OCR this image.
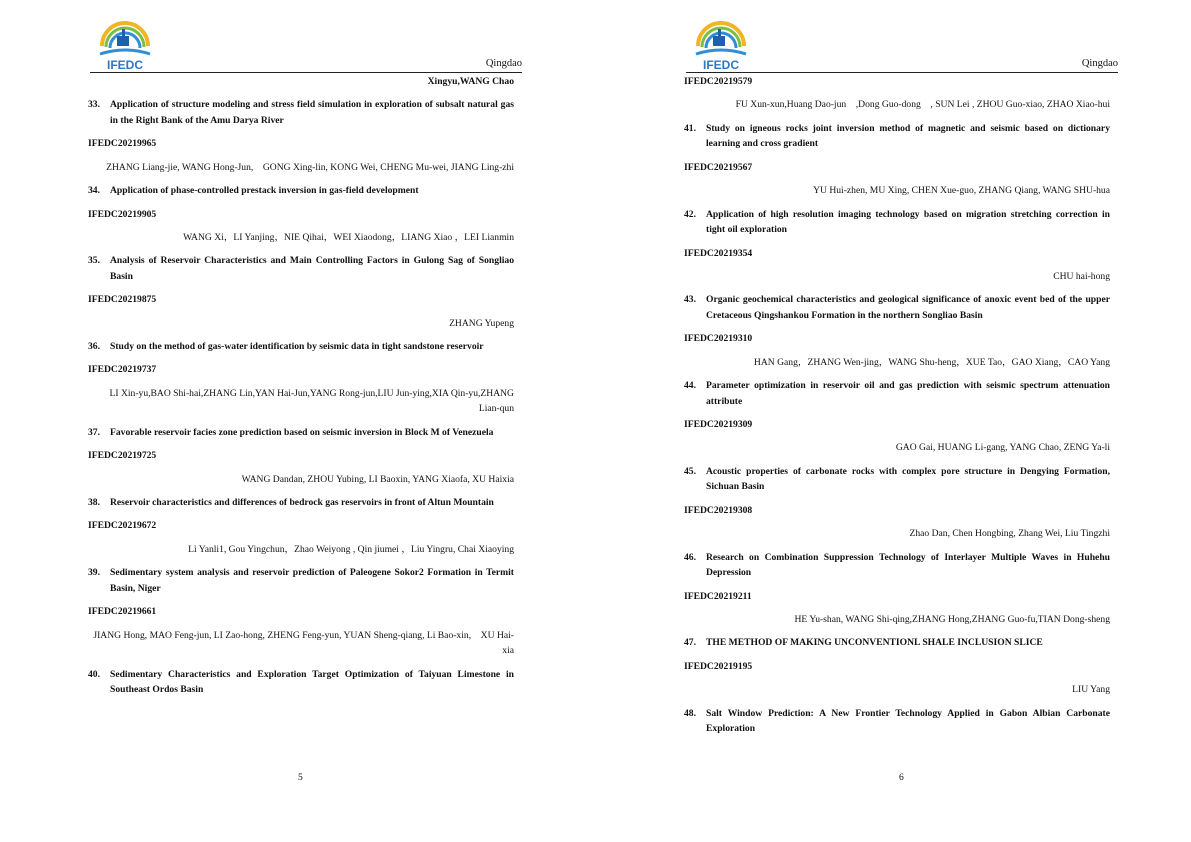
IFEDC	Qingdao

Xingyu,WANG Chao

33.	Application of structure modeling and stress field simulation in exploration of subsalt natural gas in the Right Bank of the Amu Darya River

IFEDC20219965

ZHANG Liang-jie, WANG Hong-Jun,    GONG Xing-lin, KONG Wei, CHENG Mu-wei, JIANG Ling-zhi

34.	Application of phase-controlled prestack inversion in gas-field development

IFEDC20219905

WANG Xi，LI Yanjing，NIE Qihai，WEI Xiaodong，LIANG Xiao ，LEI Lianmin

35.	Analysis of Reservoir Characteristics and Main Controlling Factors in Gulong Sag of Songliao Basin

IFEDC20219875

ZHANG Yupeng

36.	Study on the method of gas-water identification by seismic data in tight sandstone reservoir

IFEDC20219737

LI Xin-yu,BAO Shi-hai,ZHANG Lin,YAN Hai-Jun,YANG Rong-jun,LIU Jun-ying,XIA Qin-yu,ZHANG Lian-qun

37.	Favorable reservoir facies zone prediction based on seismic inversion in Block M of Venezuela

IFEDC20219725

WANG Dandan, ZHOU Yubing, LI Baoxin, YANG Xiaofa, XU Haixia

38.	Reservoir characteristics and differences of bedrock gas reservoirs in front of Altun Mountain

IFEDC20219672

Li Yanli1, Gou Yingchun，Zhao Weiyong , Qin jiumei ，Liu Yingru, Chai Xiaoying

39.	Sedimentary system analysis and reservoir prediction of Paleogene Sokor2 Formation in Termit Basin, Niger

IFEDC20219661

JIANG Hong, MAO Feng-jun, LI Zao-hong, ZHENG Feng-yun, YUAN Sheng-qiang, Li Bao-xin,    XU Hai-xia

40.	Sedimentary Characteristics and Exploration Target Optimization of Taiyuan Limestone in Southeast Ordos Basin

5
IFEDC	Qingdao

IFEDC20219579

FU Xun-xun,Huang Dao-jun    ,Dong Guo-dong    , SUN Lei , ZHOU Guo-xiao, ZHAO Xiao-hui

41.	Study on igneous rocks joint inversion method of magnetic and seismic based on dictionary learning and cross gradient

IFEDC20219567

YU Hui-zhen, MU Xing, CHEN Xue-guo, ZHANG Qiang, WANG SHU-hua

42.	Application of high resolution imaging technology based on migration stretching correction in tight oil exploration

IFEDC20219354

CHU hai-hong

43.	Organic geochemical characteristics and geological significance of anoxic event bed of the upper Cretaceous Qingshankou Formation in the northern Songliao Basin

IFEDC20219310

HAN Gang，ZHANG Wen-jing，WANG Shu-heng，XUE Tao，GAO Xiang，CAO Yang

44.	Parameter optimization in reservoir oil and gas prediction with seismic spectrum attenuation attribute

IFEDC20219309

GAO Gai, HUANG Li-gang, YANG Chao, ZENG Ya-li

45.	Acoustic properties of carbonate rocks with complex pore structure in Dengying Formation, Sichuan Basin

IFEDC20219308

Zhao Dan, Chen Hongbing, Zhang Wei, Liu Tingzhi

46.	Research on Combination Suppression Technology of Interlayer Multiple Waves in Huhehu Depression

IFEDC20219211

HE Yu-shan, WANG Shi-qing,ZHANG Hong,ZHANG Guo-fu,TIAN Dong-sheng

47.	THE METHOD OF MAKING UNCONVENTIONL SHALE INCLUSION SLICE

IFEDC20219195

LIU Yang

48.	Salt Window Prediction: A New Frontier Technology Applied in Gabon Albian Carbonate Exploration

6
